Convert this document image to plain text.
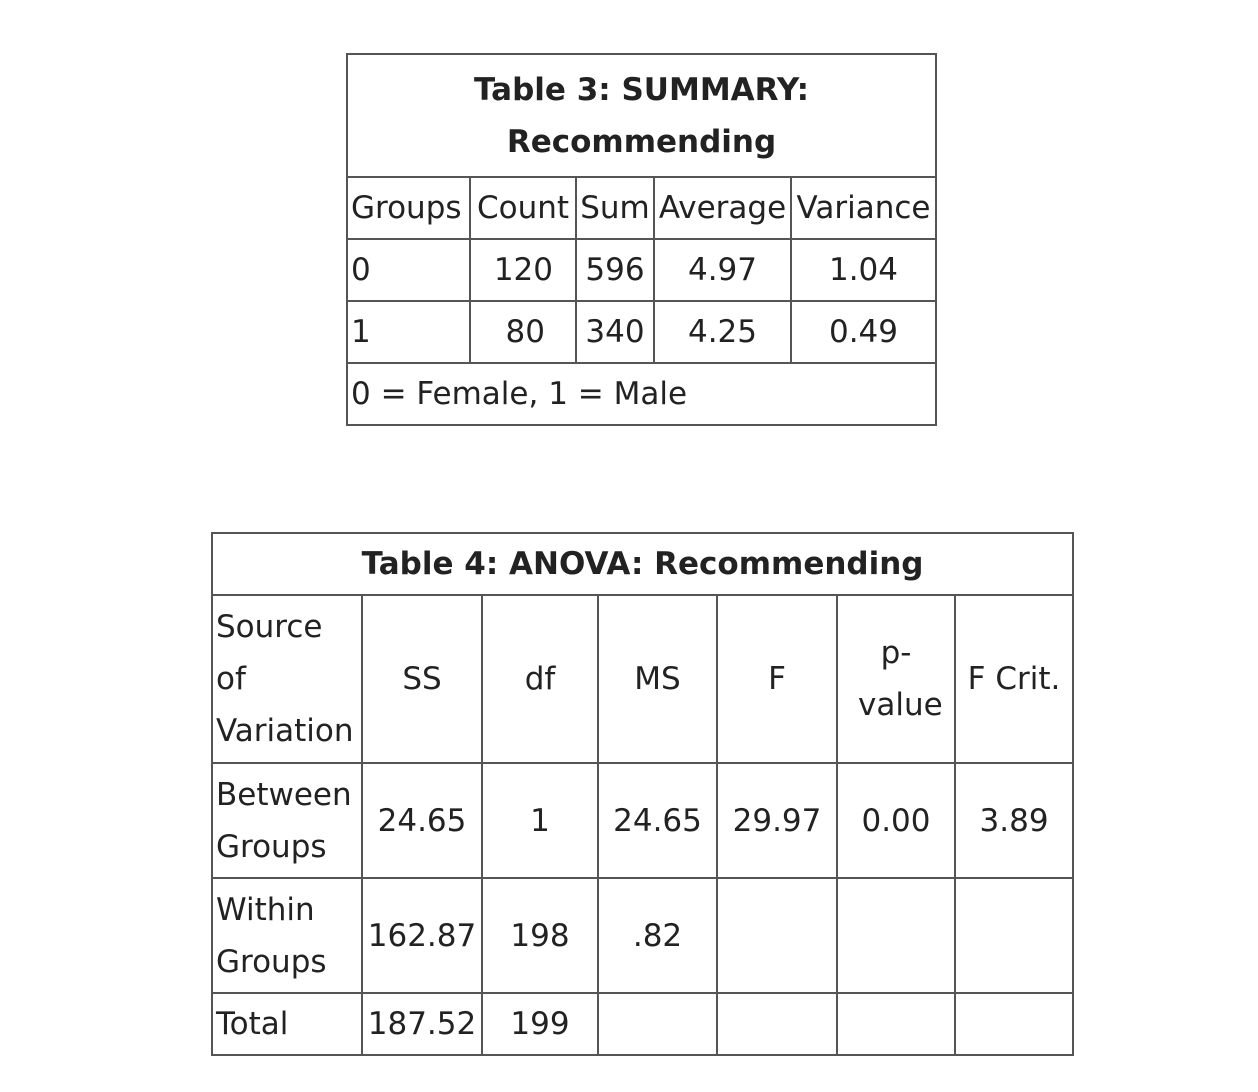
Table 3: SUMMARY: Recommending				
Groups	Count	Sum	Average	Variance
0	120	596	4.97	1.04
1	80	340	4.25	0.49
0 = Female, 1 = Male				
Table 4: ANOVA: Recommending						
Source of Variation	SS	df	MS	F	p-value	F Crit.
Between Groups	24.65	1	24.65	29.97	0.00	3.89
Within Groups	162.87	198	.82			
Total	187.52	199				
